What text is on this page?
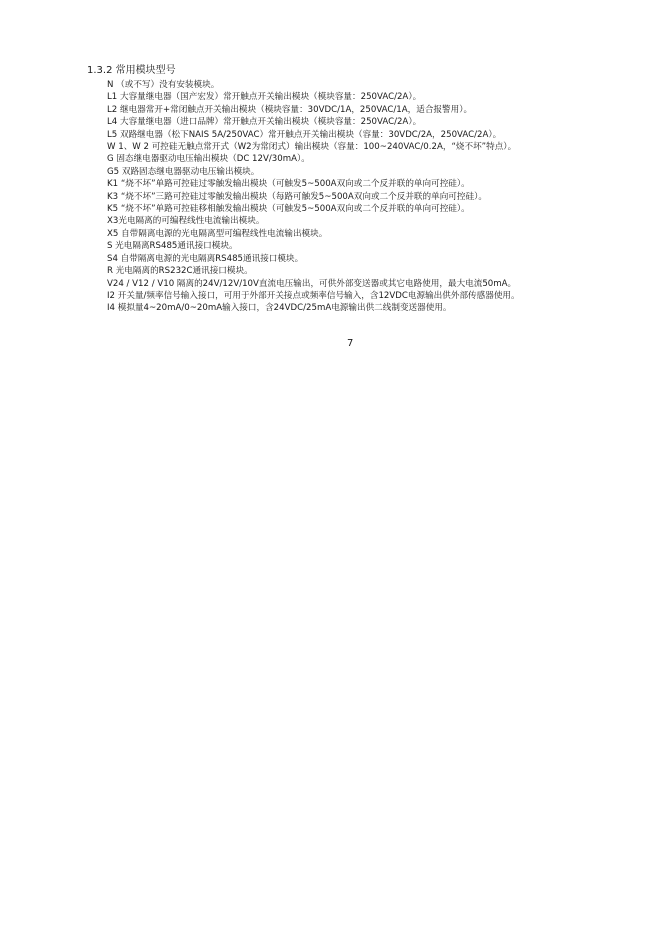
1.3.2 常用模块型号
N （或不写）没有安装模块。
L1 大容量继电器（国产宏发）常开触点开关输出模块（模块容量：250VAC/2A）。
L2 继电器常开+常闭触点开关输出模块（模块容量：30VDC/1A，250VAC/1A，适合报警用）。
L4 大容量继电器（进口品牌）常开触点开关输出模块（模块容量：250VAC/2A）。
L5 双路继电器（松下NAIS 5A/250VAC）常开触点开关输出模块（容量：30VDC/2A，250VAC/2A）。
W 1、W 2 可控硅无触点常开式（W2为常闭式）输出模块（容量：100~240VAC/0.2A，“烧不坏”特点）。
G 固态继电器驱动电压输出模块（DC 12V/30mA）。
G5 双路固态继电器驱动电压输出模块。
K1 “烧不坏”单路可控硅过零触发输出模块（可触发5~500A双向或二个反并联的单向可控硅）。
K3 “烧不坏”三路可控硅过零触发输出模块（每路可触发5~500A双向或二个反并联的单向可控硅）。
K5 “烧不坏”单路可控硅移相触发输出模块（可触发5~500A双向或二个反并联的单向可控硅）。
X3光电隔离的可编程线性电流输出模块。
X5 自带隔离电源的光电隔离型可编程线性电流输出模块。
S 光电隔离RS485通讯接口模块。
S4 自带隔离电源的光电隔离RS485通讯接口模块。
R 光电隔离的RS232C通讯接口模块。
V24 / V12 / V10 隔离的24V/12V/10V直流电压输出，可供外部变送器或其它电路使用，最大电流50mA。
I2 开关量/频率信号输入接口，可用于外部开关接点或频率信号输入，含12VDC电源输出供外部传感器使用。
I4 模拟量4~20mA/0~20mA输入接口，含24VDC/25mA电源输出供二线制变送器使用。
7
